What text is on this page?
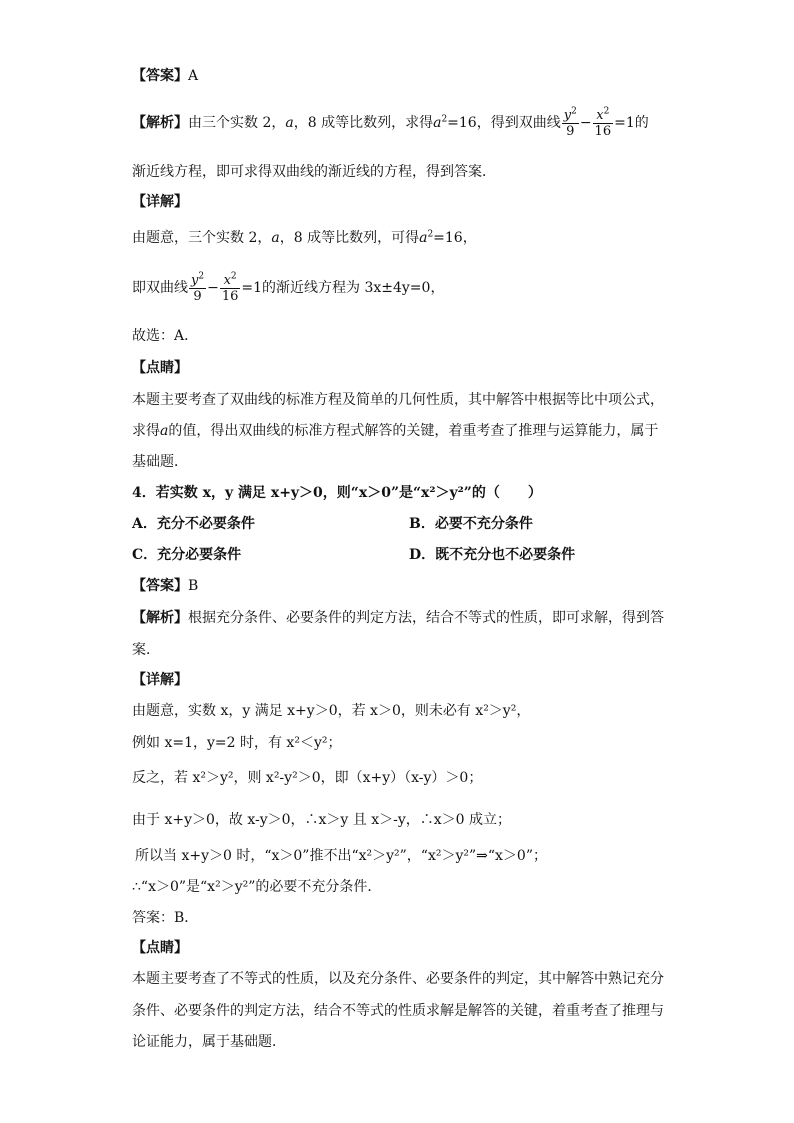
【答案】A
【解析】由三个实数 2，a，8 成等比数列，求得$a^2=16$，得到双曲线 $\frac{y^2}{9} - \frac{x^2}{16} =1$的
渐近线方程，即可求得双曲线的渐近线的方程，得到答案．
【详解】
由题意，三个实数 2，a，8 成等比数列，可得$a^2=16$，
即双曲线 $\frac{y^2}{9} - \frac{x^2}{16} =1$的渐近线方程为 3x±4y=0，
故选：A．
【点睛】
本题主要考查了双曲线的标准方程及简单的几何性质，其中解答中根据等比中项公式，
求得a的值，得出双曲线的标准方程式解答的关键，着重考查了推理与运算能力，属于
基础题．
4．若实数 x，y 满足 x+y＞0，则“x＞0”是“x²＞y²”的（　　）
A．充分不必要条件	B．必要不充分条件
C．充分必要条件	D．既不充分也不必要条件
【答案】B
【解析】根据充分条件、必要条件的判定方法，结合不等式的性质，即可求解，得到答
案．
【详解】
由题意，实数 x，y 满足 x+y＞0，若 x＞0，则未必有 x²＞y²，
例如 x=1，y=2 时，有 x²＜y²；
反之，若 x²＞y²，则 x²-y²＞0，即（x+y）（x-y）＞0；
由于 x+y＞0，故 x-y＞0，∴x＞y 且 x＞-y，∴x＞0 成立；
所以当 x+y＞0 时，“x＞0”推不出“x²＞y²”，“x²＞y²”⇒“x＞0”；
∴“x＞0”是“x²＞y²”的必要不充分条件．
答案：B．
【点睛】
本题主要考查了不等式的性质，以及充分条件、必要条件的判定，其中解答中熟记充分
条件、必要条件的判定方法，结合不等式的性质求解是解答的关键，着重考查了推理与
论证能力，属于基础题．
